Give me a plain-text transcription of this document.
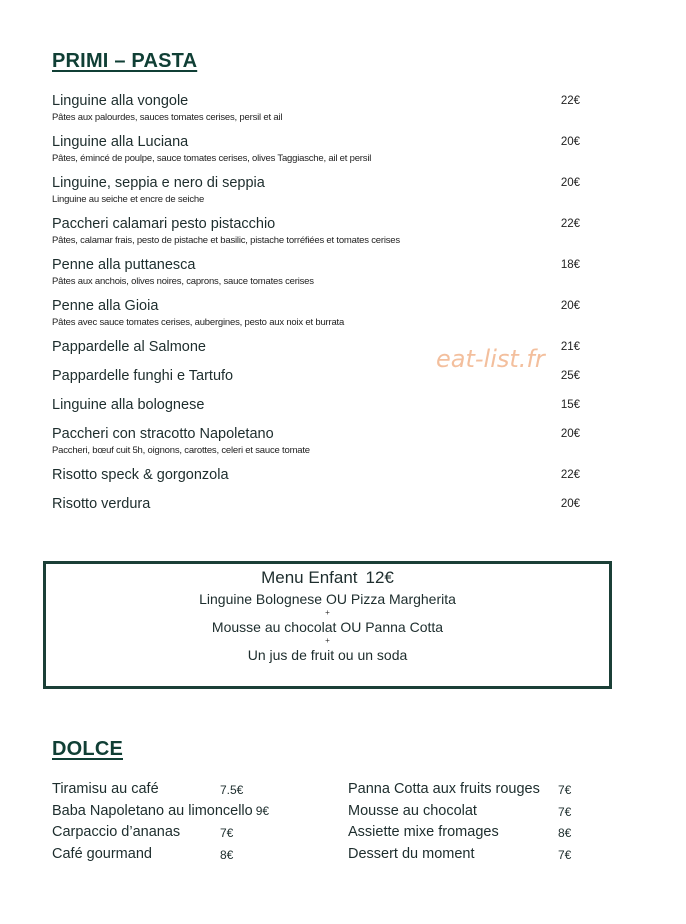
PRIMI – PASTA
Linguine alla vongole
Pâtes aux palourdes, sauces tomates cerises, persil et ail
22€
Linguine alla Luciana
Pâtes, émincé de poulpe, sauce tomates cerises, olives Taggiasche, ail et persil
20€
Linguine, seppia e nero di seppia
Linguine au seiche et encre de seiche
20€
Paccheri calamari pesto pistacchio
Pâtes, calamar frais, pesto de pistache et basilic, pistache torréfiées et tomates cerises
22€
Penne alla puttanesca
Pâtes aux anchois, olives noires, caprons, sauce tomates cerises
18€
Penne alla Gioia
Pâtes avec sauce tomates cerises, aubergines, pesto aux noix et burrata
20€
Pappardelle al Salmone	21€
Pappardelle funghi e Tartufo	25€
Linguine alla bolognese	15€
Paccheri con stracotto Napoletano
Paccheri, bœuf cuit 5h, oignons, carottes, celeri et sauce tomate
20€
Risotto speck & gorgonzola	22€
Risotto verdura	20€
eat-list.fr
Menu Enfant 12€
Linguine Bolognese OU Pizza Margherita
+
Mousse au chocolat OU Panna Cotta
+
Un jus de fruit ou un soda
DOLCE
Tiramisu au café	7.5€
Baba Napoletano au limoncello 9€
Carpaccio d’ananas	7€
Café gourmand	8€
Panna Cotta aux fruits rouges 7€
Mousse au chocolat	7€
Assiette mixe fromages	8€
Dessert du moment	7€
